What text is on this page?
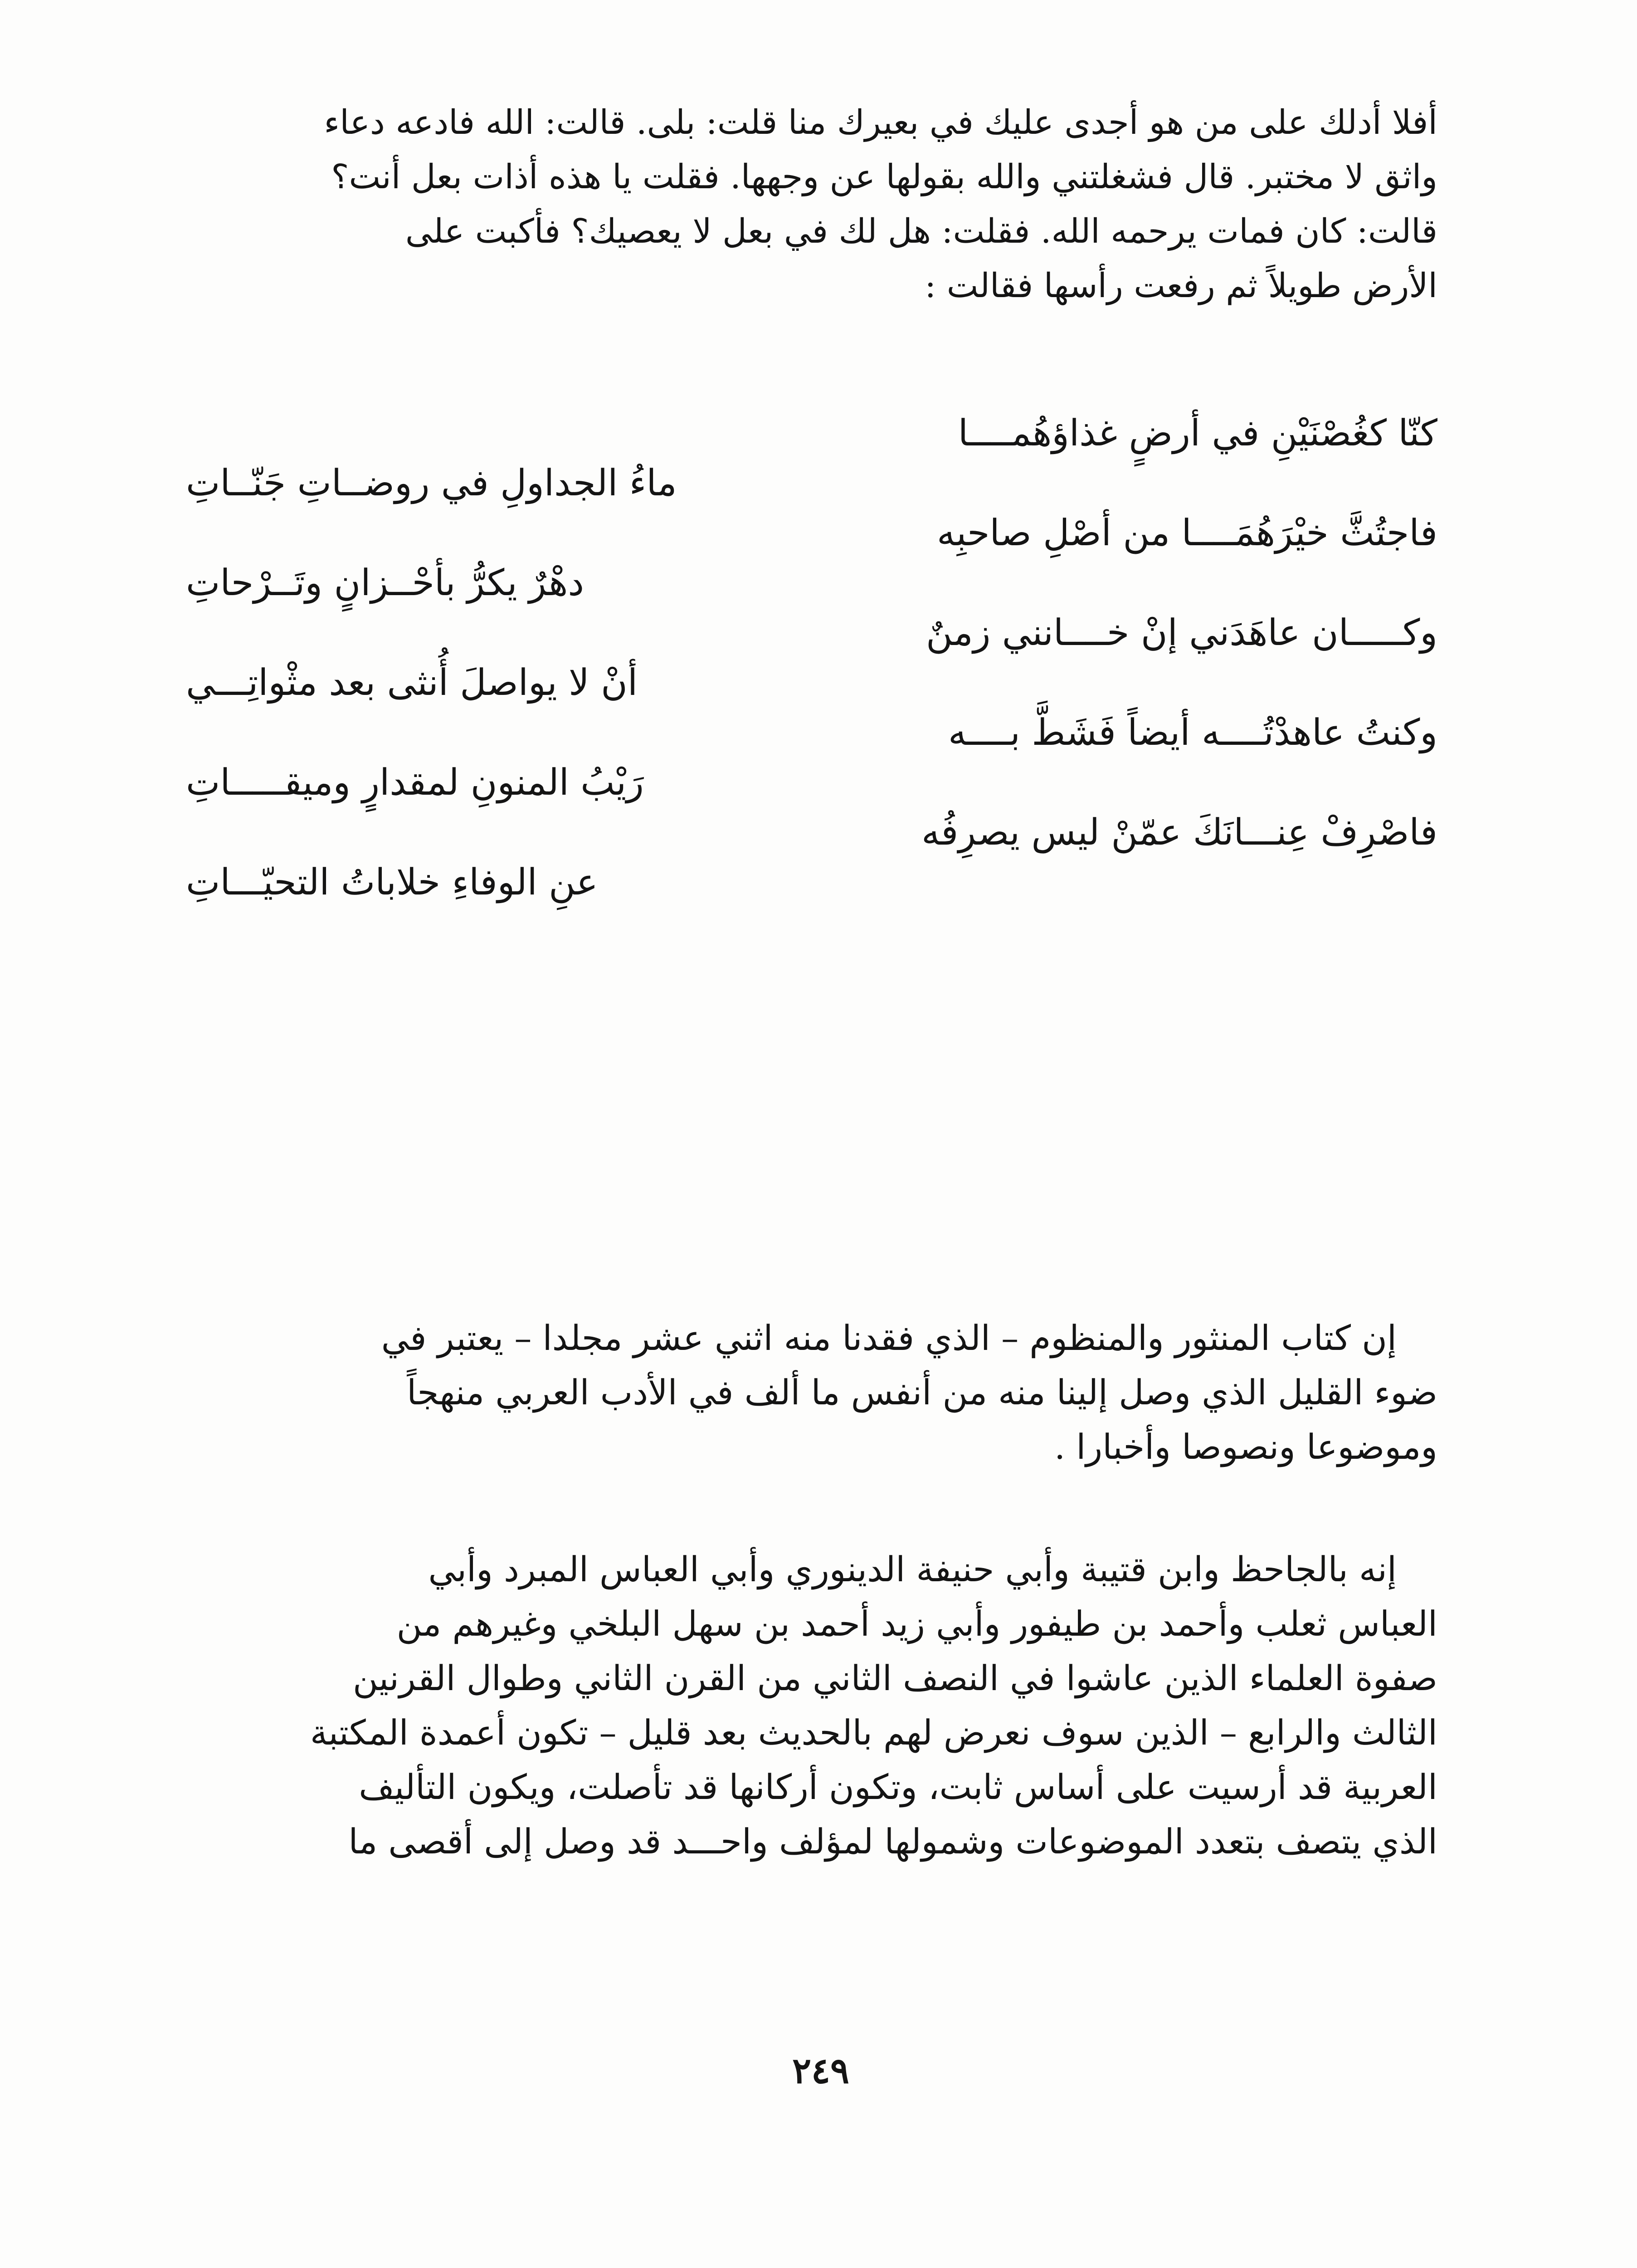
أفلا أدلك على من هو أجدى عليك في بعيرك منا قلت: بلى. قالت: الله فادعه دعاء
واثق لا مختبر. قال فشغلتني والله بقولها عن وجهها. فقلت يا هذه أذات بعل أنت؟
قالت: كان فمات يرحمه الله. فقلت: هل لك في بعل لا يعصيك؟ فأكبت على
الأرض طويلاً ثم رفعت رأسها فقالت :
كنّا كغُصْنَيْنِ في أرضٍ غذاؤهُمــــا
ماءُ الجداولِ في روضــاتِ جَنّــاتِ
فاجتُثَّ خيْرَهُمَــــا من أصْلِ صاحبِه
دهْرٌ يكرُّ بأحْــزانٍ وتَــرْحاتِ
وكـــــان عاهَدَني إنْ خــــانني زمنٌ
أنْ لا يواصلَ أُنثى بعد مثْواتِـــي
وكنتُ عاهدْتُــــه أيضاً فَشَطَّ بــــه
رَيْبُ المنونِ لمقدارٍ وميقـــــاتِ
فاصْرِفْ عِنـــانَكَ عمّنْ ليس يصرِفُه
عنِ الوفاءِ خلاباتُ التحيّـــاتِ
إن كتاب المنثور والمنظوم – الذي فقدنا منه اثني عشر مجلدا – يعتبر في
ضوء القليل الذي وصل إلينا منه من أنفس ما ألف في الأدب العربي منهجاً
وموضوعا ونصوصا وأخبارا .
إنه بالجاحظ وابن قتيبة وأبي حنيفة الدينوري وأبي العباس المبرد وأبي
العباس ثعلب وأحمد بن طيفور وأبي زيد أحمد بن سهل البلخي وغيرهم من
صفوة العلماء الذين عاشوا في النصف الثاني من القرن الثاني وطوال القرنين
الثالث والرابع – الذين سوف نعرض لهم بالحديث بعد قليل – تكون أعمدة المكتبة
العربية قد أرسيت على أساس ثابت، وتكون أركانها قد تأصلت، ويكون التأليف
الذي يتصف بتعدد الموضوعات وشمولها لمؤلف واحـــد قد وصل إلى أقصى ما
٢٤٩
